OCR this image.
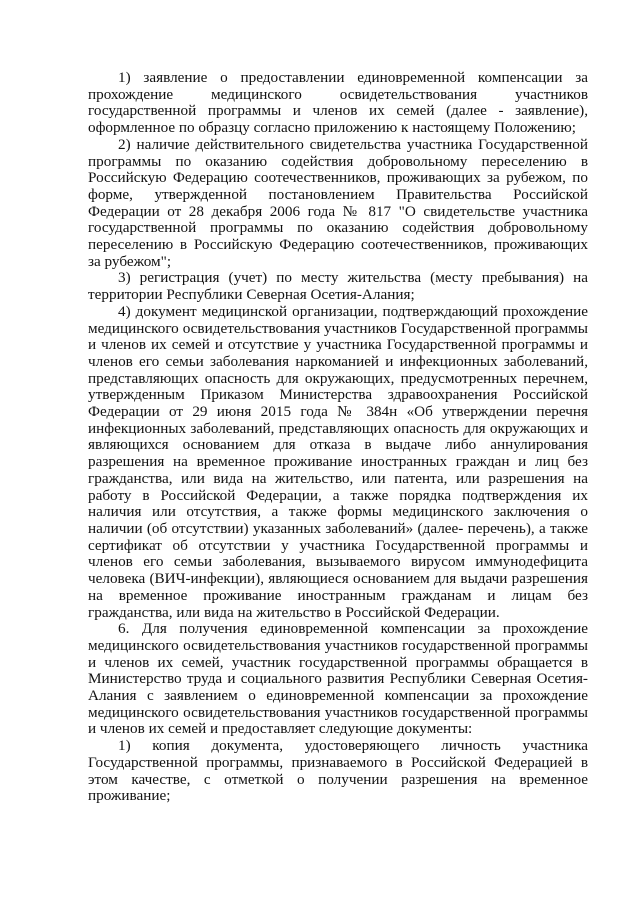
1) заявление о предоставлении единовременной компенсации за прохождение медицинского освидетельствования участников государственной программы и членов их семей (далее - заявление), оформленное по образцу согласно приложению к настоящему Положению;

2) наличие действительного свидетельства участника Государственной программы по оказанию содействия добровольному переселению в Российскую Федерацию соотечественников, проживающих за рубежом, по форме, утвержденной постановлением Правительства Российской Федерации от 28 декабря 2006 года № 817 "О свидетельстве участника государственной программы по оказанию содействия добровольному переселению в Российскую Федерацию соотечественников, проживающих за рубежом";

3) регистрация (учет) по месту жительства (месту пребывания) на территории Республики Северная Осетия-Алания;

4) документ медицинской организации, подтверждающий прохождение медицинского освидетельствования участников Государственной программы и членов их семей и отсутствие у участника Государственной программы и членов его семьи заболевания наркоманией и инфекционных заболеваний, представляющих опасность для окружающих, предусмотренных перечнем, утвержденным Приказом Министерства здравоохранения Российской Федерации от 29 июня 2015 года № 384н «Об утверждении перечня инфекционных заболеваний, представляющих опасность для окружающих и являющихся основанием для отказа в выдаче либо аннулирования разрешения на временное проживание иностранных граждан и лиц без гражданства, или вида на жительство, или патента, или разрешения на работу в Российской Федерации, а также порядка подтверждения их наличия или отсутствия, а также формы медицинского заключения о наличии (об отсутствии) указанных заболеваний» (далее- перечень), а также сертификат об отсутствии у участника Государственной программы и членов его семьи заболевания, вызываемого вирусом иммунодефицита человека (ВИЧ-инфекции), являющиеся основанием для выдачи разрешения на временное проживание иностранным гражданам и лицам без гражданства, или вида на жительство в Российской Федерации.

6. Для получения единовременной компенсации за прохождение медицинского освидетельствования участников государственной программы и членов их семей, участник государственной программы обращается в Министерство труда и социального развития Республики Северная Осетия-Алания с заявлением о единовременной компенсации за прохождение медицинского освидетельствования участников государственной программы и членов их семей и предоставляет следующие документы:

1) копия документа, удостоверяющего личность участника Государственной программы, признаваемого в Российской Федерацией в этом качестве, с отметкой о получении разрешения на временное проживание;
